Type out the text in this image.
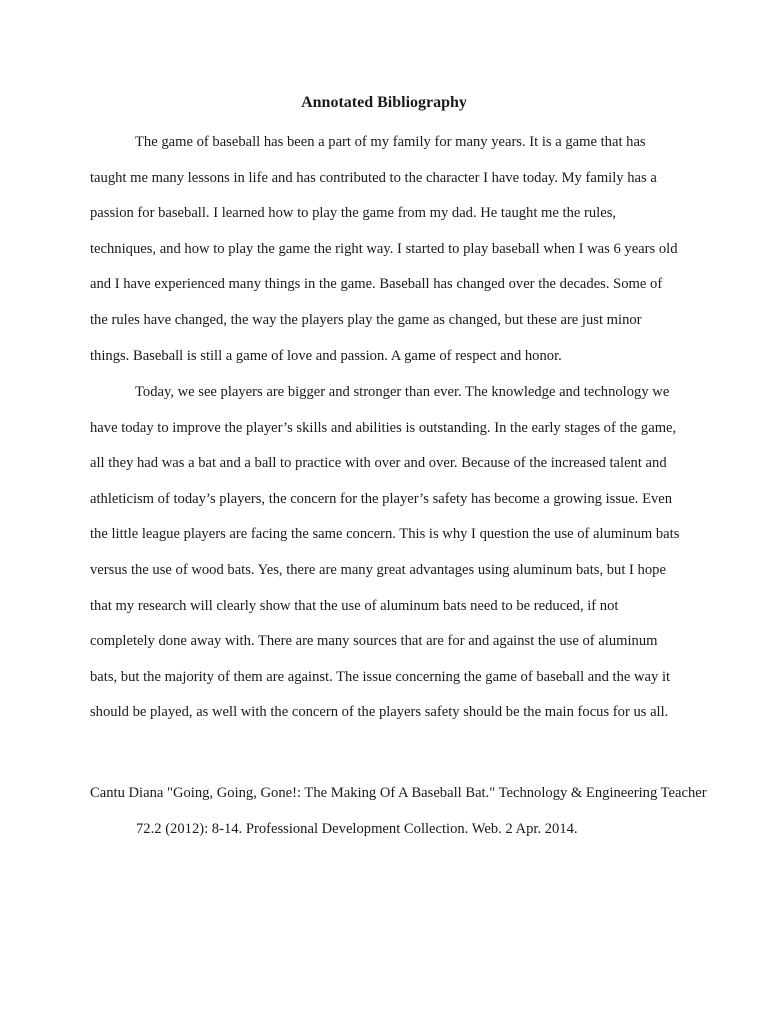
Annotated Bibliography

The game of baseball has been a part of my family for many years. It is a game that has taught me many lessons in life and has contributed to the character I have today. My family has a passion for baseball. I learned how to play the game from my dad. He taught me the rules, techniques, and how to play the game the right way. I started to play baseball when I was 6 years old and I have experienced many things in the game. Baseball has changed over the decades. Some of the rules have changed, the way the players play the game as changed, but these are just minor things. Baseball is still a game of love and passion. A game of respect and honor.

Today, we see players are bigger and stronger than ever. The knowledge and technology we have today to improve the player’s skills and abilities is outstanding. In the early stages of the game, all they had was a bat and a ball to practice with over and over. Because of the increased talent and athleticism of today’s players, the concern for the player’s safety has become a growing issue. Even the little league players are facing the same concern. This is why I question the use of aluminum bats versus the use of wood bats. Yes, there are many great advantages using aluminum bats, but I hope that my research will clearly show that the use of aluminum bats need to be reduced, if not completely done away with. There are many sources that are for and against the use of aluminum bats, but the majority of them are against. The issue concerning the game of baseball and the way it should be played, as well with the concern of the players safety should be the main focus for us all.

Cantu Diana "Going, Going, Gone!: The Making Of A Baseball Bat." Technology & Engineering Teacher 72.2 (2012): 8-14. Professional Development Collection. Web. 2 Apr. 2014.
